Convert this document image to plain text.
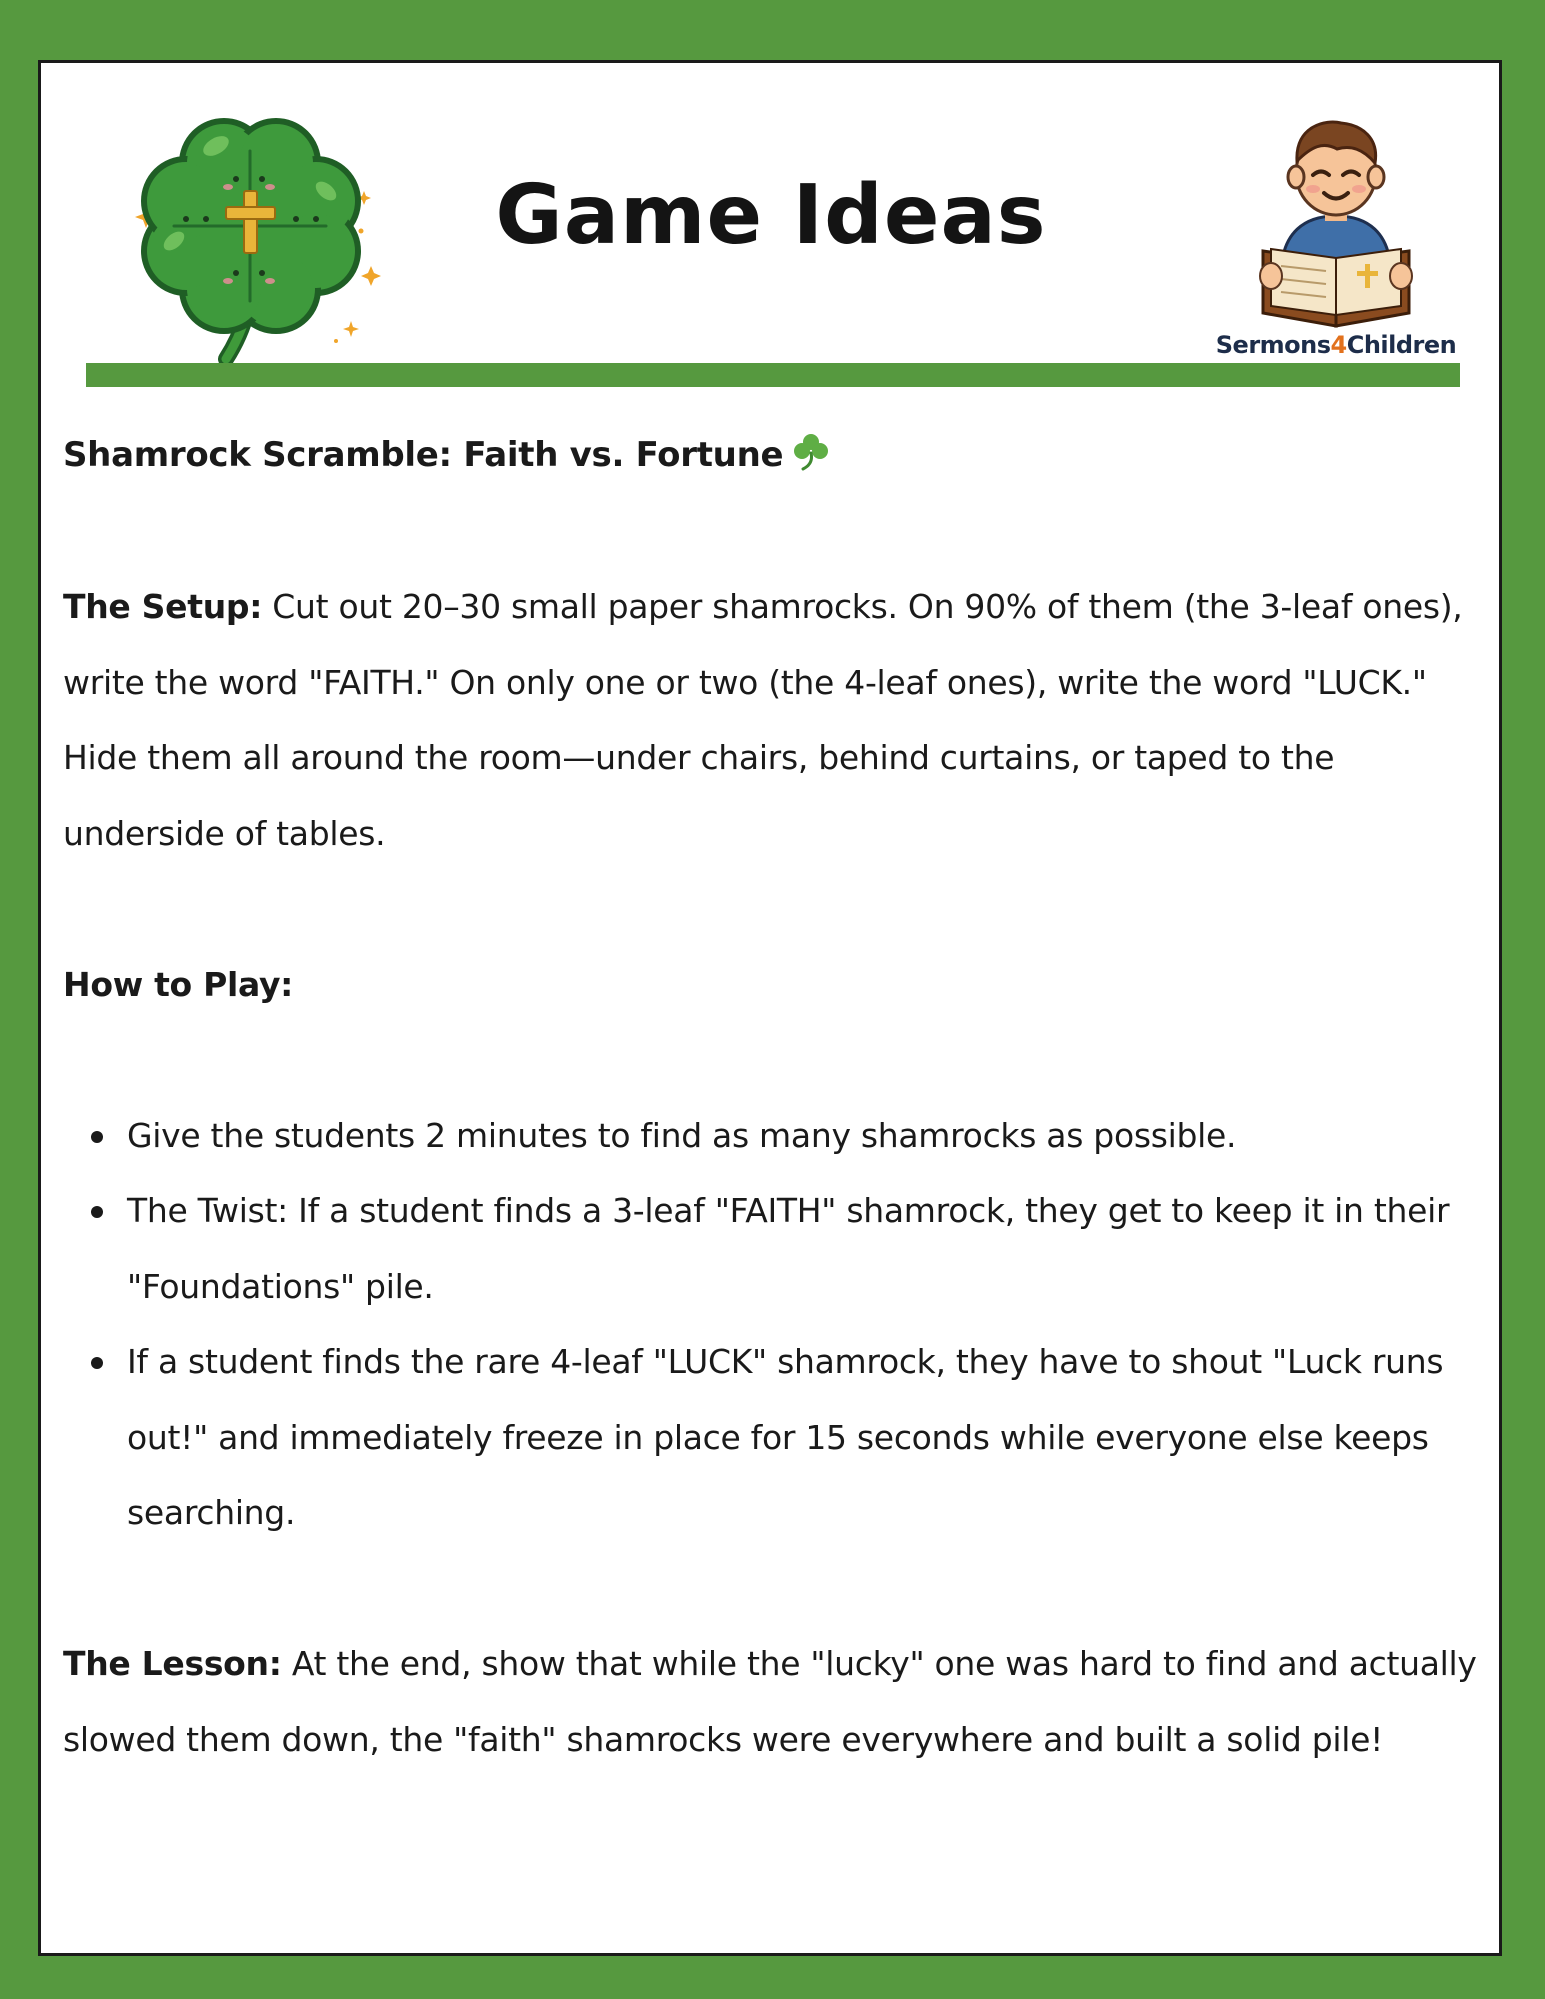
Game Ideas
Sermons4Children

Shamrock Scramble: Faith vs. Fortune

The Setup: Cut out 20–30 small paper shamrocks. On 90% of them (the 3-leaf ones), write the word "FAITH." On only one or two (the 4-leaf ones), write the word "LUCK." Hide them all around the room—under chairs, behind curtains, or taped to the underside of tables.

How to Play:

Give the students 2 minutes to find as many shamrocks as possible.
The Twist: If a student finds a 3-leaf "FAITH" shamrock, they get to keep it in their "Foundations" pile.
If a student finds the rare 4-leaf "LUCK" shamrock, they have to shout "Luck runs out!" and immediately freeze in place for 15 seconds while everyone else keeps searching.

The Lesson: At the end, show that while the "lucky" one was hard to find and actually slowed them down, the "faith" shamrocks were everywhere and built a solid pile!
